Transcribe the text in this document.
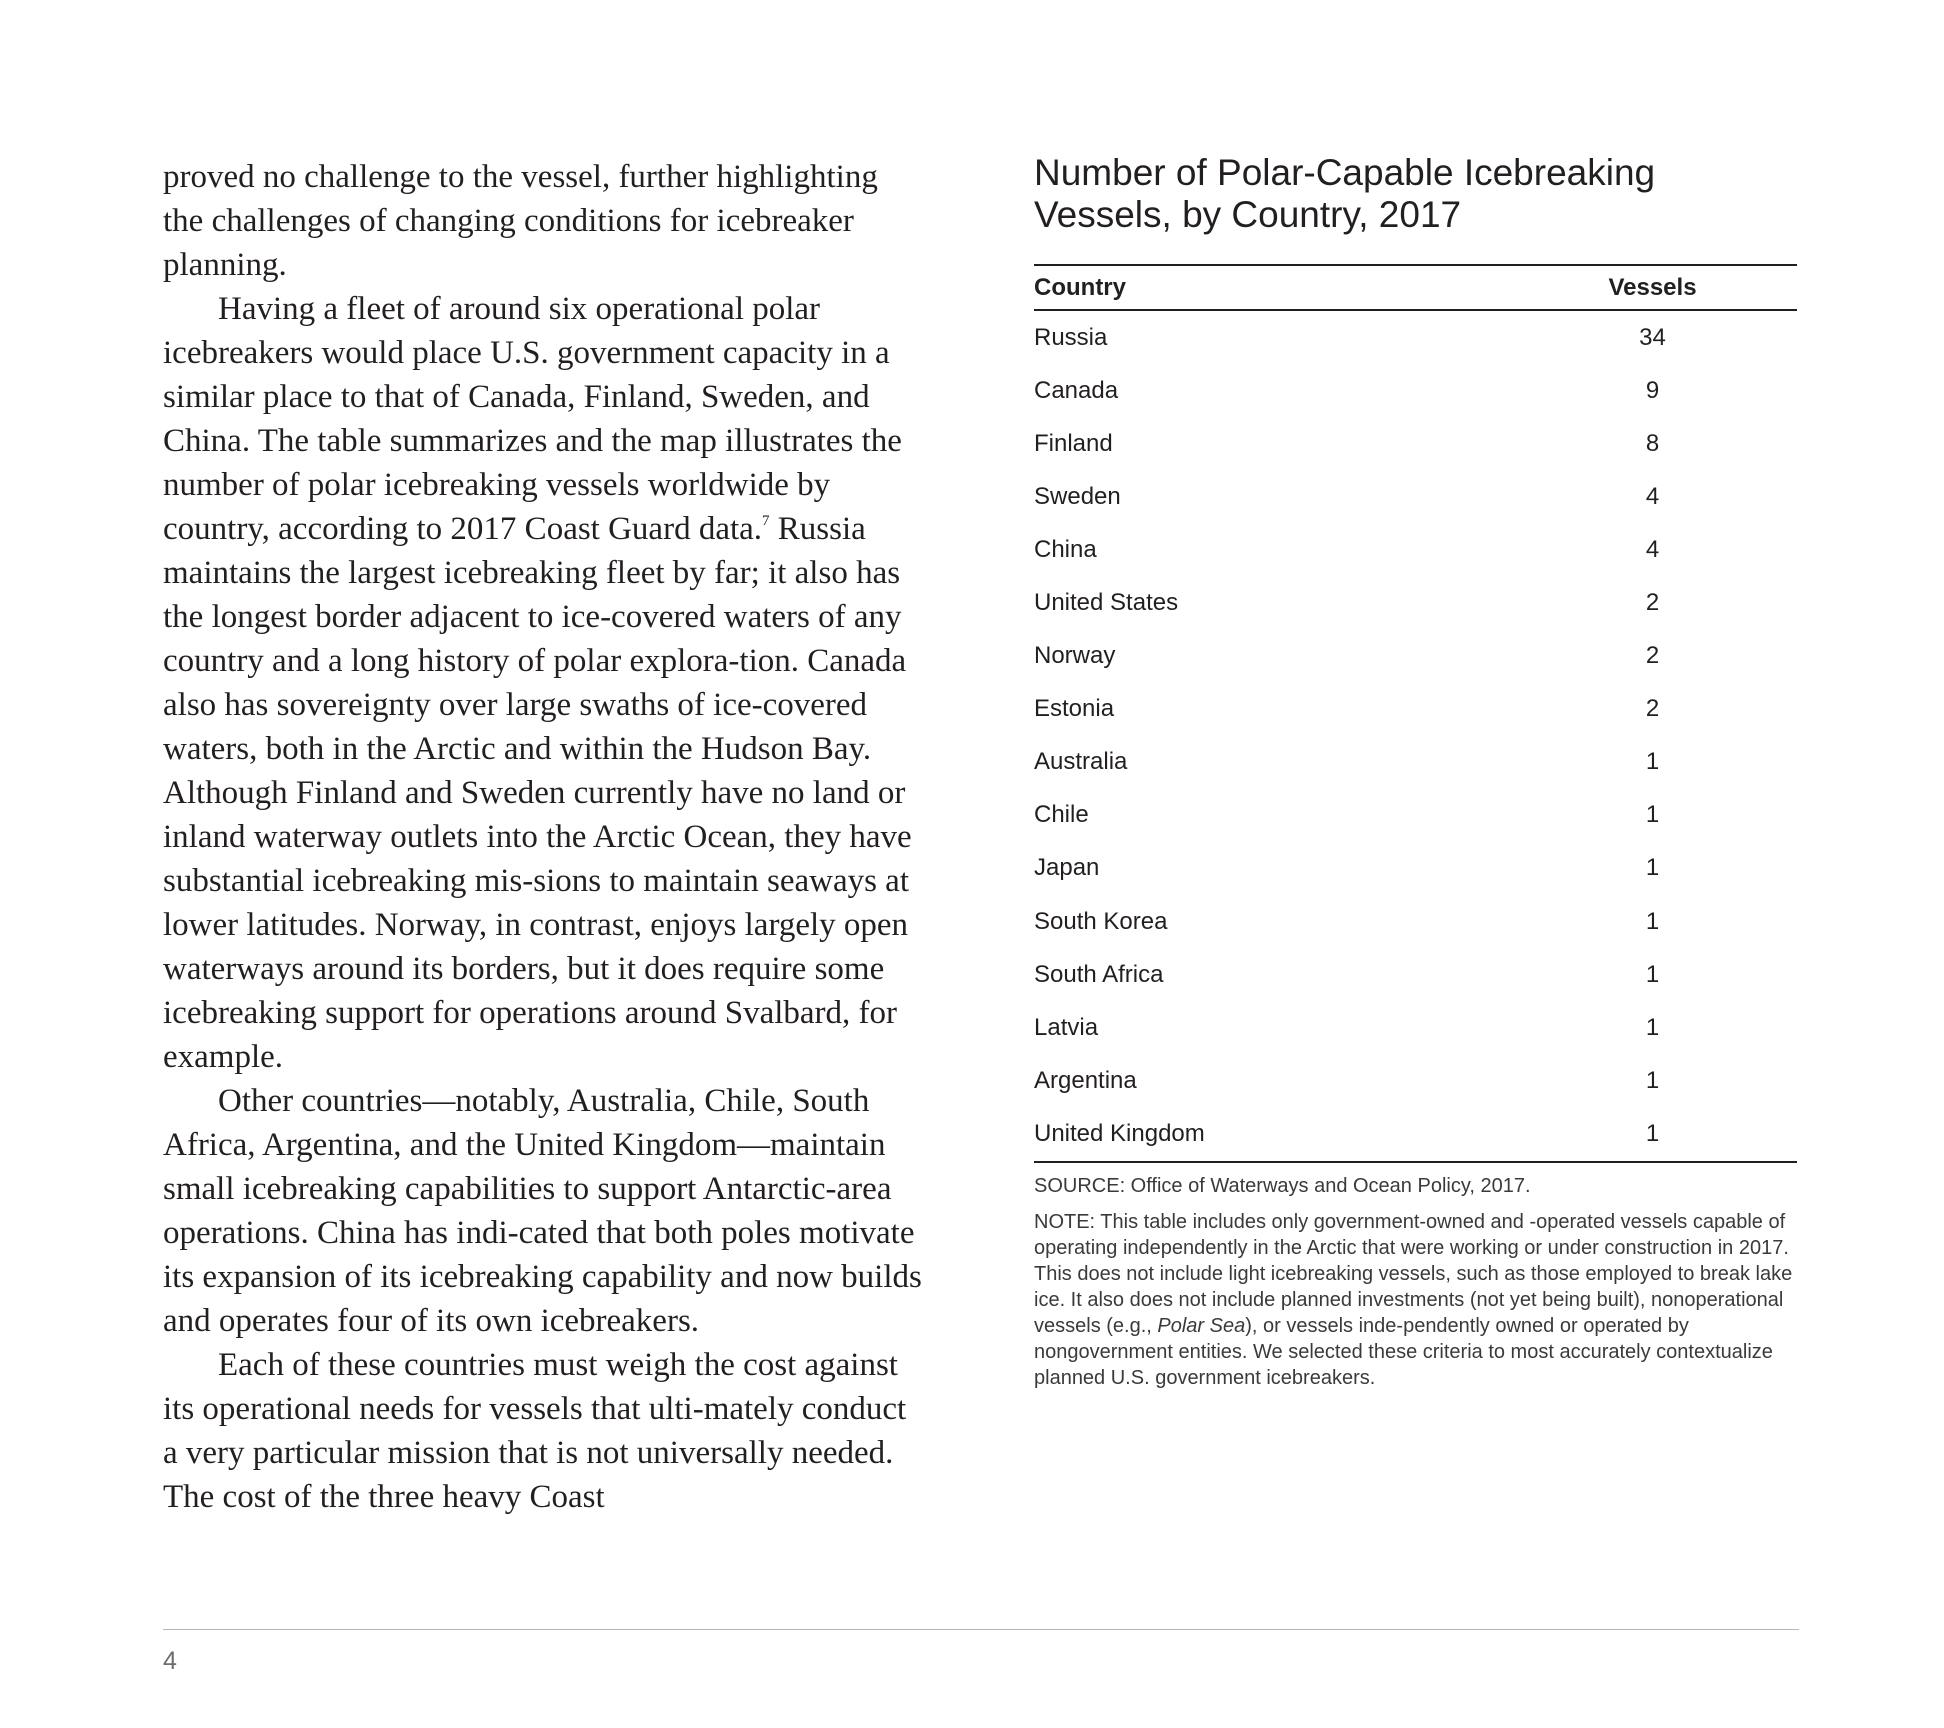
proved no challenge to the vessel, further highlighting the challenges of changing conditions for icebreaker planning.

Having a fleet of around six operational polar icebreakers would place U.S. government capacity in a similar place to that of Canada, Finland, Sweden, and China. The table summarizes and the map illustrates the number of polar icebreaking vessels worldwide by country, according to 2017 Coast Guard data.$^7$ Russia maintains the largest icebreaking fleet by far; it also has the longest border adjacent to ice-covered waters of any country and a long history of polar explora-tion. Canada also has sovereignty over large swaths of ice-covered waters, both in the Arctic and within the Hudson Bay. Although Finland and Sweden currently have no land or inland waterway outlets into the Arctic Ocean, they have substantial icebreaking mis-sions to maintain seaways at lower latitudes. Norway, in contrast, enjoys largely open waterways around its borders, but it does require some icebreaking support for operations around Svalbard, for example.

Other countries—notably, Australia, Chile, South Africa, Argentina, and the United Kingdom—maintain small icebreaking capabilities to support Antarctic-area operations. China has indi-cated that both poles motivate its expansion of its icebreaking capability and now builds and operates four of its own icebreakers.

Each of these countries must weigh the cost against its operational needs for vessels that ulti-mately conduct a very particular mission that is not universally needed. The cost of the three heavy Coast

Number of Polar-Capable Icebreaking
Vessels, by Country, 2017
Country	Vessels	
Russia	34	
Canada	9	
Finland	8	
Sweden	4	
China	4	
United States	2	
Norway	2	
Estonia	2	
Australia	1	
Chile	1	
Japan	1	
South Korea	1	
South Africa	1	
Latvia	1	
Argentina	1	
United Kingdom	1	

SOURCE: Office of Waterways and Ocean Policy, 2017.

NOTE: This table includes only government-owned and -operated vessels capable of operating independently in the Arctic that were working or under construction in 2017. This does not include light icebreaking vessels, such as those employed to break lake ice. It also does not include planned investments (not yet being built), nonoperational vessels (e.g., Polar Sea), or vessels inde-pendently owned or operated by nongovernment entities. We selected these criteria to most accurately contextualize planned U.S. government icebreakers.

4
